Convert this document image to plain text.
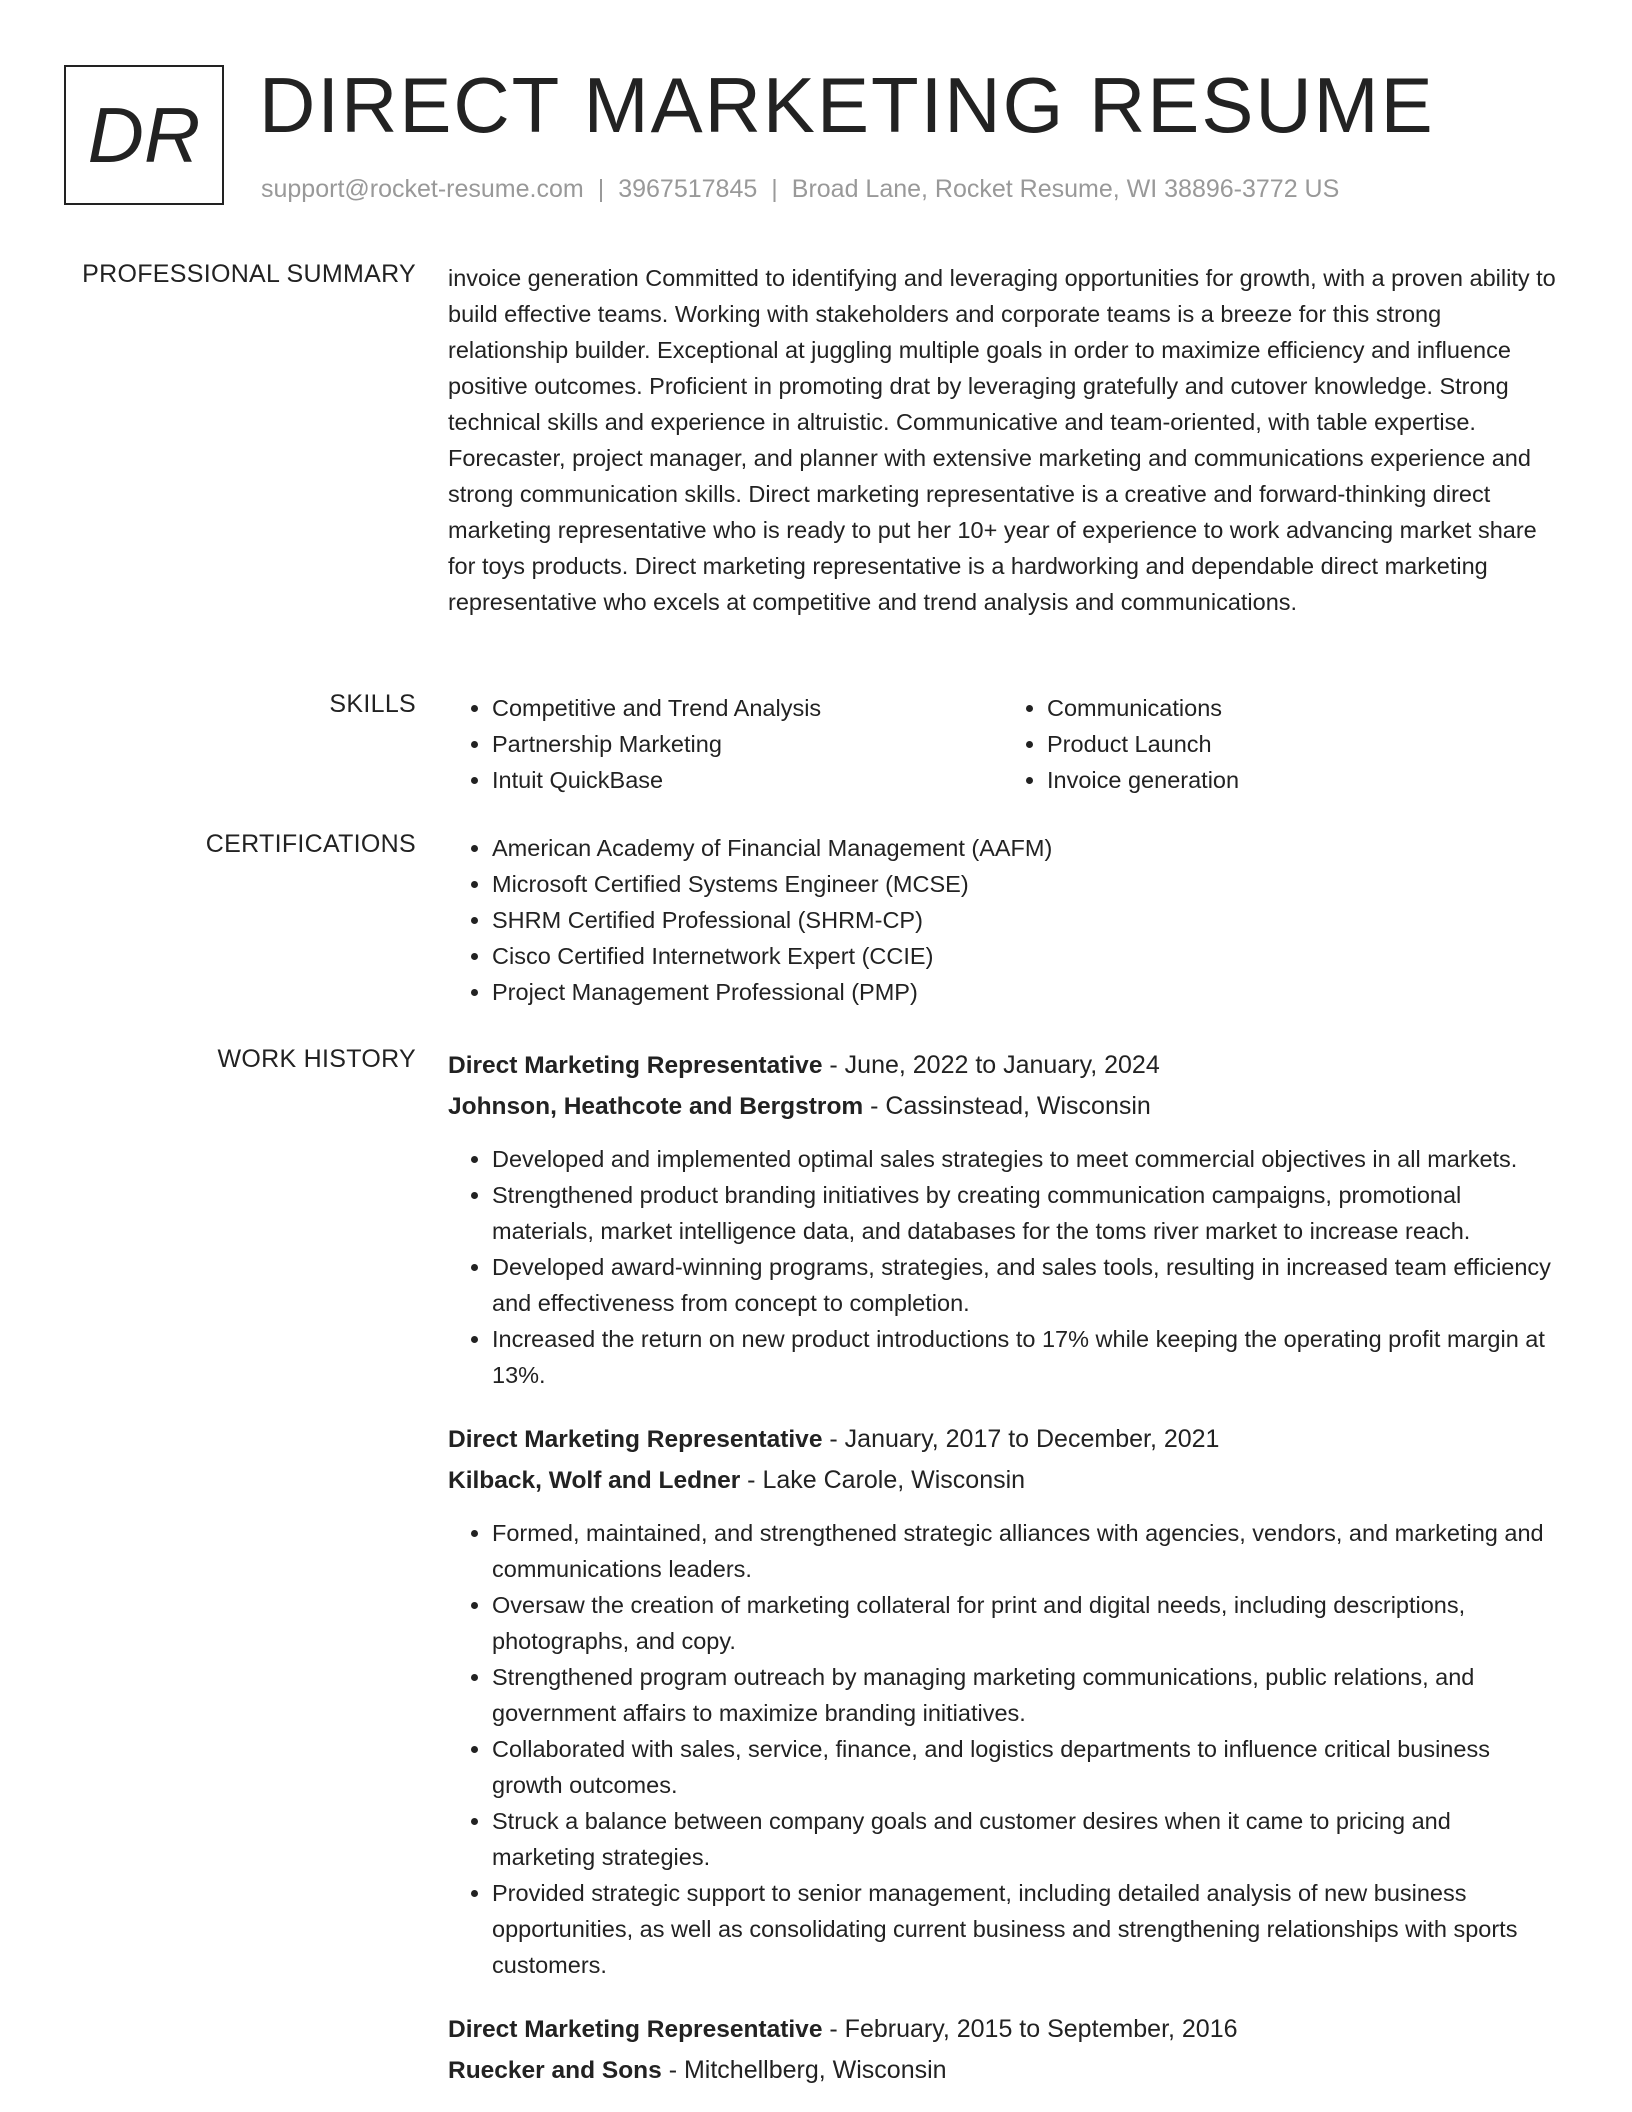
DR DIRECT MARKETING RESUME
support@rocket-resume.com | 3967517845 | Broad Lane, Rocket Resume, WI 38896-3772 US
PROFESSIONAL SUMMARY invoice generation Committed to identifying and leveraging opportunities for growth, with a proven ability to build effective teams. Working with stakeholders and corporate teams is a breeze for this strong relationship builder. Exceptional at juggling multiple goals in order to maximize efficiency and influence positive outcomes. Proficient in promoting drat by leveraging gratefully and cutover knowledge. Strong technical skills and experience in altruistic. Communicative and team-oriented, with table expertise. Forecaster, project manager, and planner with extensive marketing and communications experience and strong communication skills. Direct marketing representative is a creative and forward-thinking direct marketing representative who is ready to put her 10+ year of experience to work advancing market share for toys products. Direct marketing representative is a hardworking and dependable direct marketing representative who excels at competitive and trend analysis and communications.

SKILLS	• Competitive and Trend Analysis
• Partnership Marketing
• Intuit QuickBase
• Communications
• Product Launch
• Invoice generation
CERTIFICATIONS	• American Academy of Financial Management (AAFM)
• Microsoft Certified Systems Engineer (MCSE)
• SHRM Certified Professional (SHRM-CP)
• Cisco Certified Internetwork Expert (CCIE)
• Project Management Professional (PMP)
WORK HISTORY Direct Marketing Representative - June, 2022 to January, 2024
Johnson, Heathcote and Bergstrom - Cassinstead, Wisconsin
• Developed and implemented optimal sales strategies to meet commercial objectives in all markets.
• Strengthened product branding initiatives by creating communication campaigns, promotional materials, market intelligence data, and databases for the toms river market to increase reach.
• Developed award-winning programs, strategies, and sales tools, resulting in increased team efficiency and effectiveness from concept to completion.
• Increased the return on new product introductions to 17% while keeping the operating profit margin at 13%.
Direct Marketing Representative - January, 2017 to December, 2021
Kilback, Wolf and Ledner - Lake Carole, Wisconsin
• Formed, maintained, and strengthened strategic alliances with agencies, vendors, and marketing and communications leaders.
• Oversaw the creation of marketing collateral for print and digital needs, including descriptions, photographs, and copy.
• Strengthened program outreach by managing marketing communications, public relations, and government affairs to maximize branding initiatives.
• Collaborated with sales, service, finance, and logistics departments to influence critical business growth outcomes.
• Struck a balance between company goals and customer desires when it came to pricing and marketing strategies.
• Provided strategic support to senior management, including detailed analysis of new business opportunities, as well as consolidating current business and strengthening relationships with sports customers.
Direct Marketing Representative - February, 2015 to September, 2016
Ruecker and Sons - Mitchellberg, Wisconsin
